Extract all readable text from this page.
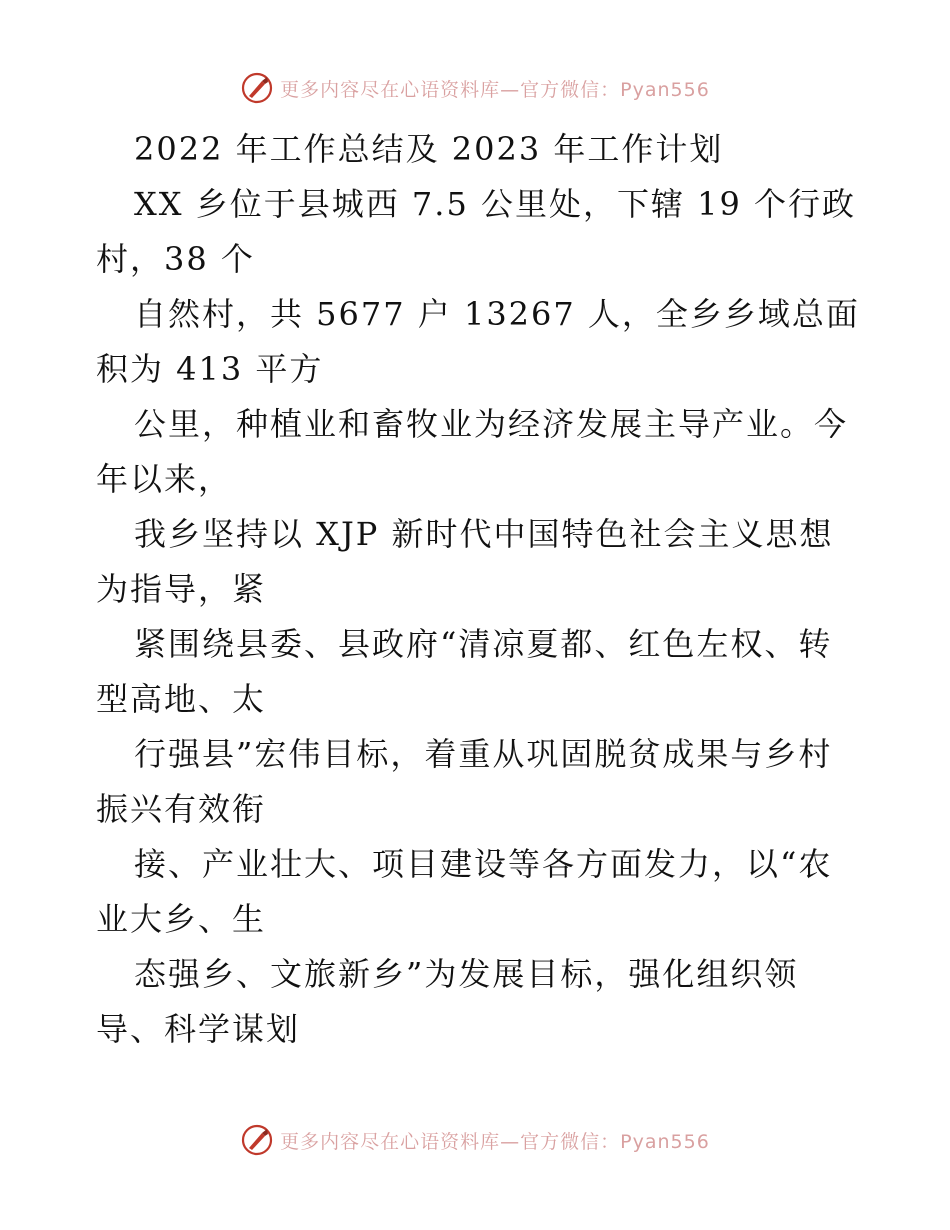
更多内容尽在心语资料库—官方微信：Pyan556
2022 年工作总结及 2023 年工作计划
XX 乡位于县城西 7.5 公里处，下辖 19 个行政
村，38 个
自然村，共 5677 户 13267 人，全乡乡域总面
积为 413 平方
公里，种植业和畜牧业为经济发展主导产业。今
年以来，
我乡坚持以 XJP 新时代中国特色社会主义思想
为指导，紧
紧围绕县委、县政府“清凉夏都、红色左权、转
型高地、太
行强县”宏伟目标，着重从巩固脱贫成果与乡村
振兴有效衔
接、产业壮大、项目建设等各方面发力，以“农
业大乡、生
态强乡、文旅新乡”为发展目标，强化组织领
导、科学谋划
更多内容尽在心语资料库—官方微信：Pyan556
